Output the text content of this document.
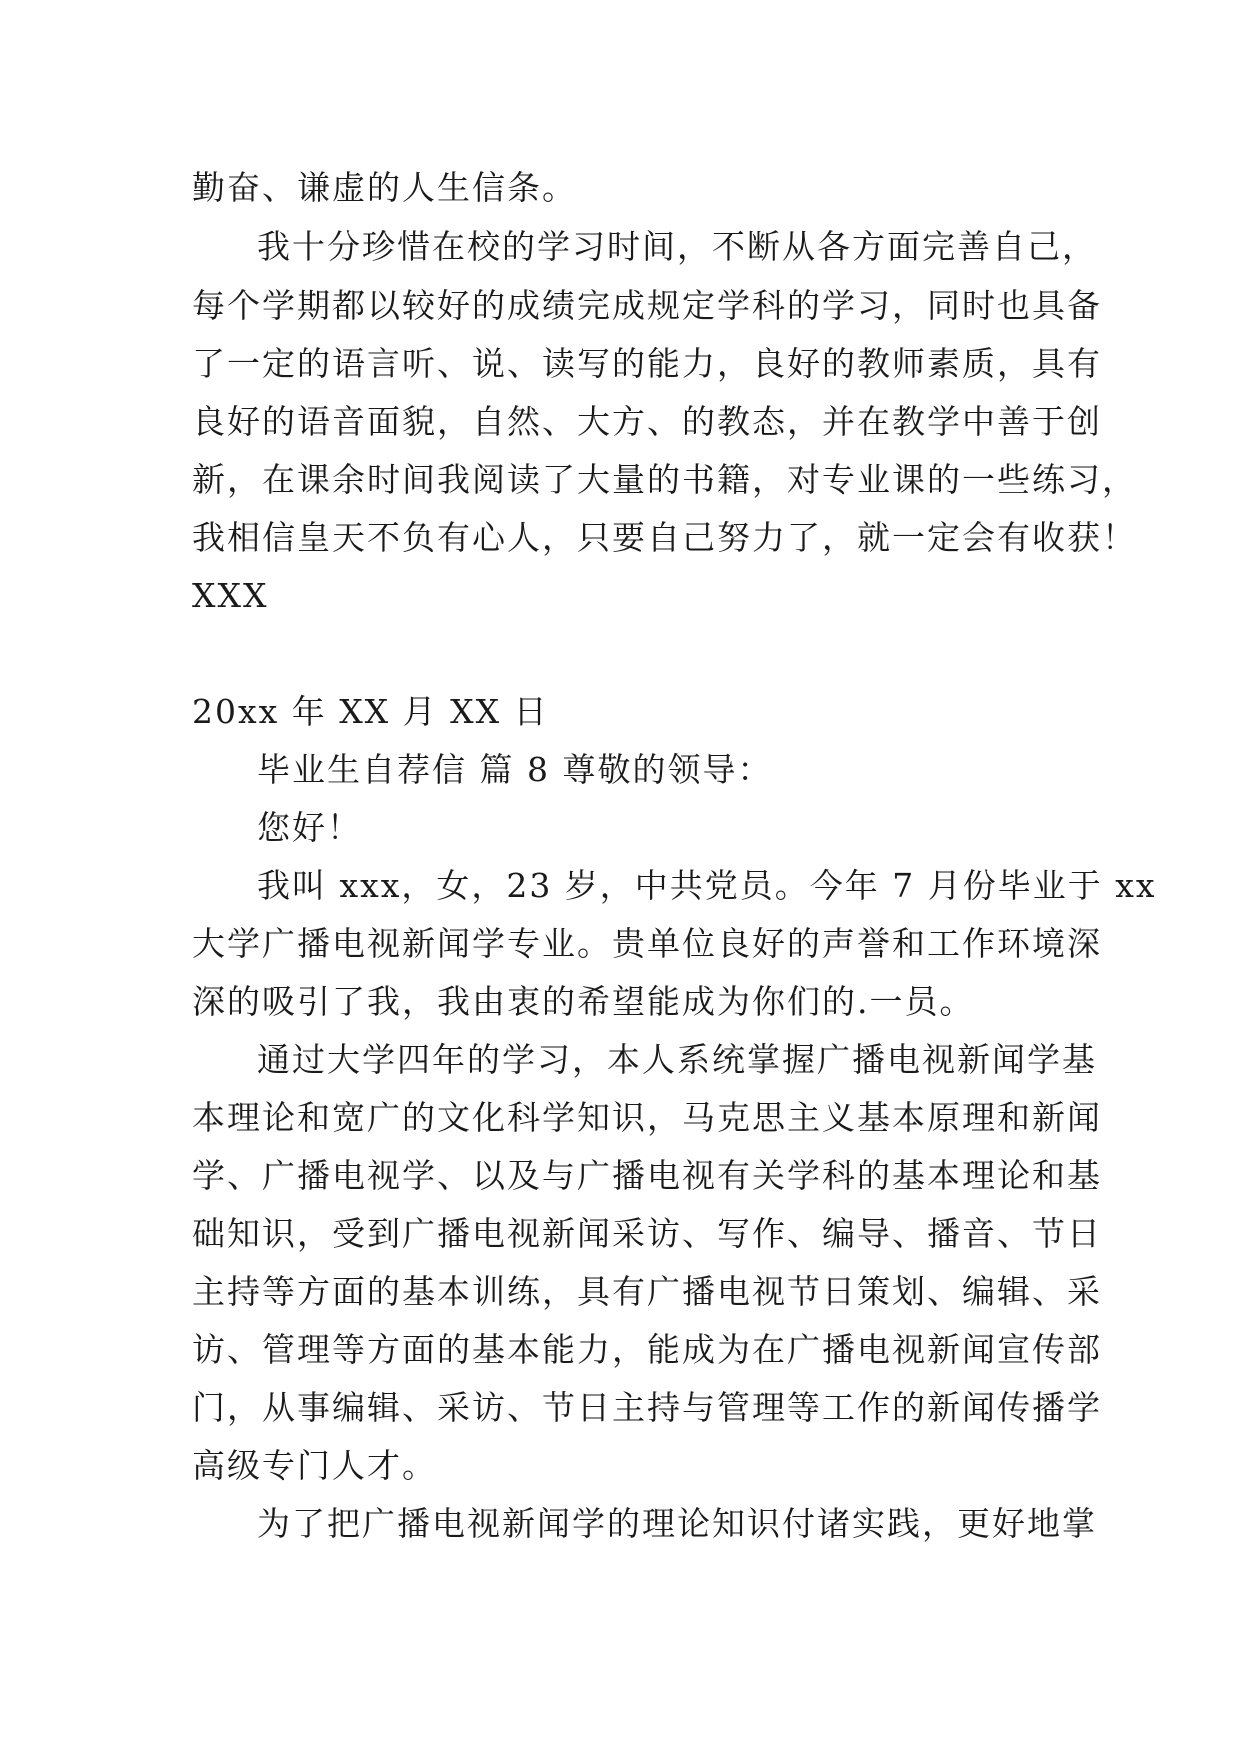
勤奋、谦虚的人生信条。
我十分珍惜在校的学习时间，不断从各方面完善自己，
每个学期都以较好的成绩完成规定学科的学习，同时也具备
了一定的语言听、说、读写的能力，良好的教师素质，具有
良好的语音面貌，自然、大方、的教态，并在教学中善于创
新，在课余时间我阅读了大量的书籍，对专业课的一些练习，
我相信皇天不负有心人，只要自己努力了，就一定会有收获！
XXX
20xx 年 XX 月 XX 日
毕业生自荐信 篇 8 尊敬的领导：
您好！
我叫 xxx，女，23 岁，中共党员。今年 7 月份毕业于 xx
大学广播电视新闻学专业。贵单位良好的声誉和工作环境深
深的吸引了我，我由衷的希望能成为你们的.一员。
通过大学四年的学习，本人系统掌握广播电视新闻学基
本理论和宽广的文化科学知识，马克思主义基本原理和新闻
学、广播电视学、以及与广播电视有关学科的基本理论和基
础知识，受到广播电视新闻采访、写作、编导、播音、节日
主持等方面的基本训练，具有广播电视节日策划、编辑、采
访、管理等方面的基本能力，能成为在广播电视新闻宣传部
门，从事编辑、采访、节日主持与管理等工作的新闻传播学
高级专门人才。
为了把广播电视新闻学的理论知识付诸实践，更好地掌
